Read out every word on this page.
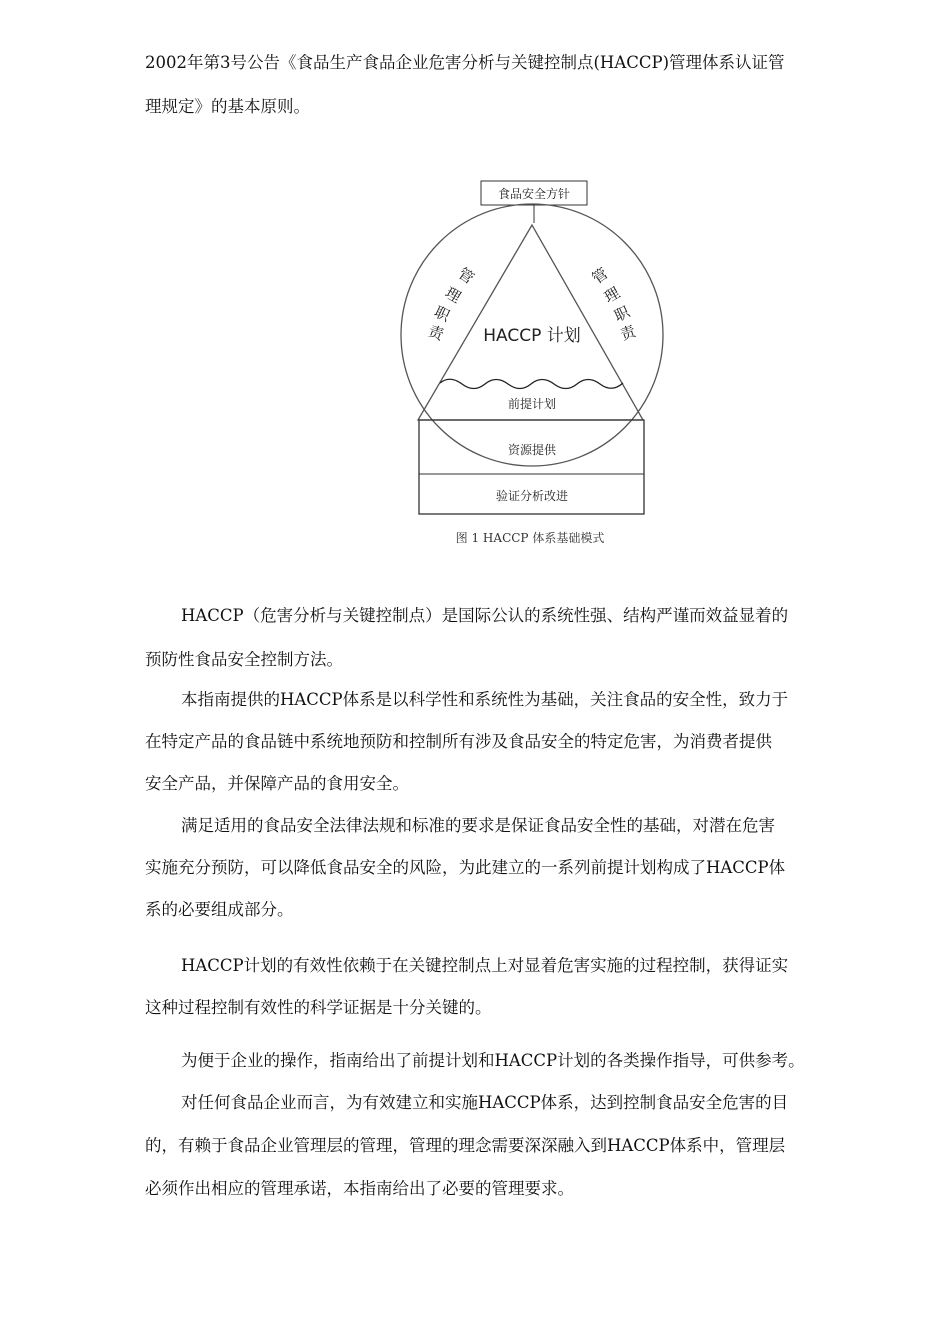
2002年第3号公告《食品生产食品企业危害分析与关键控制点(HACCP)管理体系认证管
理规定》的基本原则。
食品安全方针
HACCP 计划
前提计划
资源提供
验证分析改进
管
理
职
责
管
理
职
责
图 1 HACCP 体系基础模式
HACCP（危害分析与关键控制点）是国际公认的系统性强、结构严谨而效益显着的
预防性食品安全控制方法。
本指南提供的HACCP体系是以科学性和系统性为基础，关注食品的安全性，致力于
在特定产品的食品链中系统地预防和控制所有涉及食品安全的特定危害，为消费者提供
安全产品，并保障产品的食用安全。
满足适用的食品安全法律法规和标准的要求是保证食品安全性的基础，对潜在危害
实施充分预防，可以降低食品安全的风险，为此建立的一系列前提计划构成了HACCP体
系的必要组成部分。
HACCP计划的有效性依赖于在关键控制点上对显着危害实施的过程控制，获得证实
这种过程控制有效性的科学证据是十分关键的。
为便于企业的操作，指南给出了前提计划和HACCP计划的各类操作指导，可供参考。
对任何食品企业而言，为有效建立和实施HACCP体系，达到控制食品安全危害的目
的，有赖于食品企业管理层的管理，管理的理念需要深深融入到HACCP体系中，管理层
必须作出相应的管理承诺，本指南给出了必要的管理要求。
